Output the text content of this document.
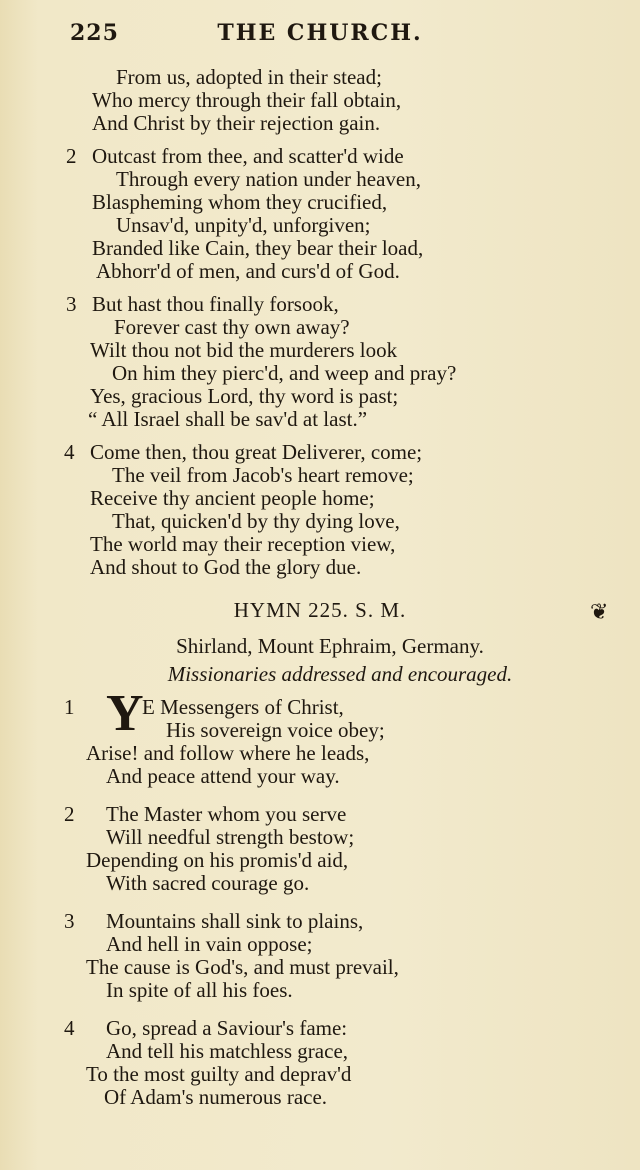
225	THE CHURCH.
From us, adopted in their stead;
Who mercy through their fall obtain,
And Christ by their rejection gain.
2 Outcast from thee, and scatter'd wide
Through every nation under heaven,
Blaspheming whom they crucified,
Unsav'd, unpity'd, unforgiven;
Branded like Cain, they bear their load,
Abhorr'd of men, and curs'd of God.
3 But hast thou finally forsook,
Forever cast thy own away?
Wilt thou not bid the murderers look
On him they pierc'd, and weep and pray?
Yes, gracious Lord, thy word is past;
“ All Israel shall be sav'd at last.”
4 Come then, thou great Deliverer, come;
The veil from Jacob's heart remove;
Receive thy ancient people home;
That, quicken'd by thy dying love,
The world may their reception view,
And shout to God the glory due.
HYMN 225. S. M.	❦
Shirland, Mount Ephraim, Germany.
Missionaries addressed and encouraged.
1 Y
E Messengers of Christ,
His sovereign voice obey;
Arise! and follow where he leads,
And peace attend your way.
2 The Master whom you serve
Will needful strength bestow;
Depending on his promis'd aid,
With sacred courage go.
3 Mountains shall sink to plains,
And hell in vain oppose;
The cause is God's, and must prevail,
In spite of all his foes.
4 Go, spread a Saviour's fame:
And tell his matchless grace,
To the most guilty and deprav'd
Of Adam's numerous race.
